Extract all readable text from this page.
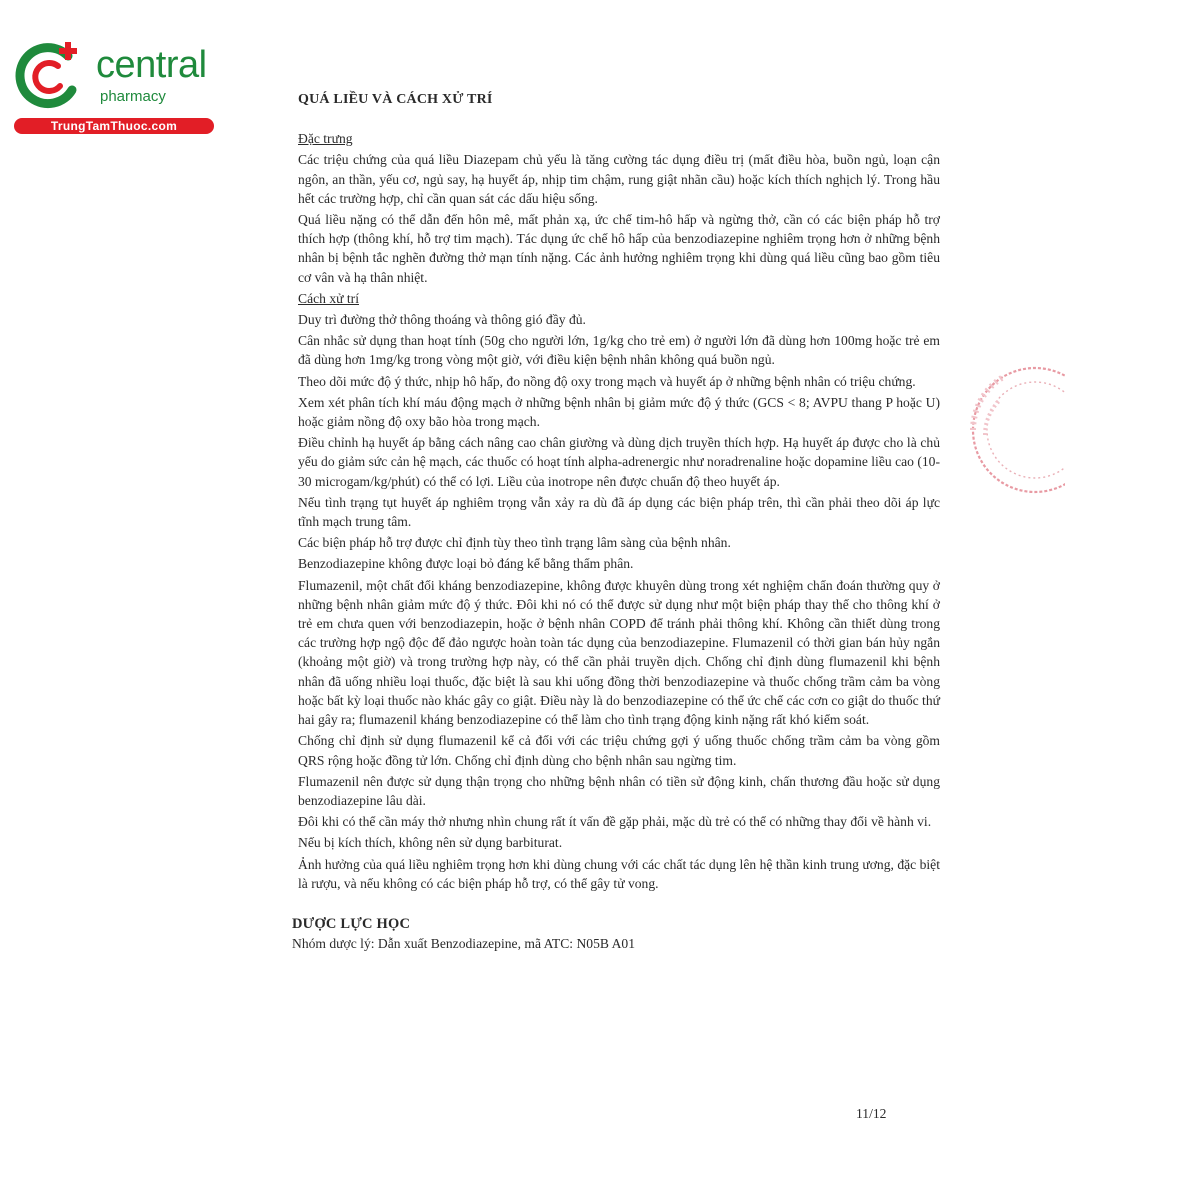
central
pharmacy
TrungTamThuoc.com
QUÁ LIỀU VÀ CÁCH XỬ TRÍ
Đặc trưng
Các triệu chứng của quá liều Diazepam chủ yếu là tăng cường tác dụng điều trị (mất điều hòa, buồn ngủ, loạn cận ngôn, an thần, yếu cơ, ngủ say, hạ huyết áp, nhịp tim chậm, rung giật nhãn cầu) hoặc kích thích nghịch lý. Trong hầu hết các trường hợp, chỉ cần quan sát các dấu hiệu sống.
Quá liều nặng có thể dẫn đến hôn mê, mất phản xạ, ức chế tim-hô hấp và ngừng thở, cần có các biện pháp hỗ trợ thích hợp (thông khí, hỗ trợ tim mạch). Tác dụng ức chế hô hấp của benzodiazepine nghiêm trọng hơn ở những bệnh nhân bị bệnh tắc nghẽn đường thở mạn tính nặng. Các ảnh hưởng nghiêm trọng khi dùng quá liều cũng bao gồm tiêu cơ vân và hạ thân nhiệt.
Cách xử trí
Duy trì đường thở thông thoáng và thông gió đầy đủ.
Cân nhắc sử dụng than hoạt tính (50g cho người lớn, 1g/kg cho trẻ em) ở người lớn đã dùng hơn 100mg hoặc trẻ em đã dùng hơn 1mg/kg trong vòng một giờ, với điều kiện bệnh nhân không quá buồn ngủ.
Theo dõi mức độ ý thức, nhịp hô hấp, đo nồng độ oxy trong mạch và huyết áp ở những bệnh nhân có triệu chứng.
Xem xét phân tích khí máu động mạch ở những bệnh nhân bị giảm mức độ ý thức (GCS < 8; AVPU thang P hoặc U) hoặc giảm nồng độ oxy bão hòa trong mạch.
Điều chỉnh hạ huyết áp bằng cách nâng cao chân giường và dùng dịch truyền thích hợp. Hạ huyết áp được cho là chủ yếu do giảm sức cản hệ mạch, các thuốc có hoạt tính alpha-adrenergic như noradrenaline hoặc dopamine liều cao (10-30 microgam/kg/phút) có thể có lợi. Liều của inotrope nên được chuẩn độ theo huyết áp.
Nếu tình trạng tụt huyết áp nghiêm trọng vẫn xảy ra dù đã áp dụng các biện pháp trên, thì cần phải theo dõi áp lực tĩnh mạch trung tâm.
Các biện pháp hỗ trợ được chỉ định tùy theo tình trạng lâm sàng của bệnh nhân.
Benzodiazepine không được loại bỏ đáng kể bằng thẩm phân.
Flumazenil, một chất đối kháng benzodiazepine, không được khuyên dùng trong xét nghiệm chẩn đoán thường quy ở những bệnh nhân giảm mức độ ý thức. Đôi khi nó có thể được sử dụng như một biện pháp thay thế cho thông khí ở trẻ em chưa quen với benzodiazepin, hoặc ở bệnh nhân COPD để tránh phải thông khí. Không cần thiết dùng trong các trường hợp ngộ độc để đảo ngược hoàn toàn tác dụng của benzodiazepine. Flumazenil có thời gian bán hủy ngắn (khoảng một giờ) và trong trường hợp này, có thể cần phải truyền dịch. Chống chỉ định dùng flumazenil khi bệnh nhân đã uống nhiều loại thuốc, đặc biệt là sau khi uống đồng thời benzodiazepine và thuốc chống trầm cảm ba vòng hoặc bất kỳ loại thuốc nào khác gây co giật. Điều này là do benzodiazepine có thể ức chế các cơn co giật do thuốc thứ hai gây ra; flumazenil kháng benzodiazepine có thể làm cho tình trạng động kinh nặng rất khó kiểm soát.
Chống chỉ định sử dụng flumazenil kể cả đối với các triệu chứng gợi ý uống thuốc chống trầm cảm ba vòng gồm QRS rộng hoặc đồng tử lớn. Chống chỉ định dùng cho bệnh nhân sau ngừng tim.
Flumazenil nên được sử dụng thận trọng cho những bệnh nhân có tiền sử động kinh, chấn thương đầu hoặc sử dụng benzodiazepine lâu dài.
Đôi khi có thể cần máy thở nhưng nhìn chung rất ít vấn đề gặp phải, mặc dù trẻ có thể có những thay đổi về hành vi.
Nếu bị kích thích, không nên sử dụng barbiturat.
Ảnh hưởng của quá liều nghiêm trọng hơn khi dùng chung với các chất tác dụng lên hệ thần kinh trung ương, đặc biệt là rượu, và nếu không có các biện pháp hỗ trợ, có thể gây tử vong.
DƯỢC LỰC HỌC
Nhóm dược lý: Dẫn xuất Benzodiazepine, mã ATC: N05B A01
11/12
